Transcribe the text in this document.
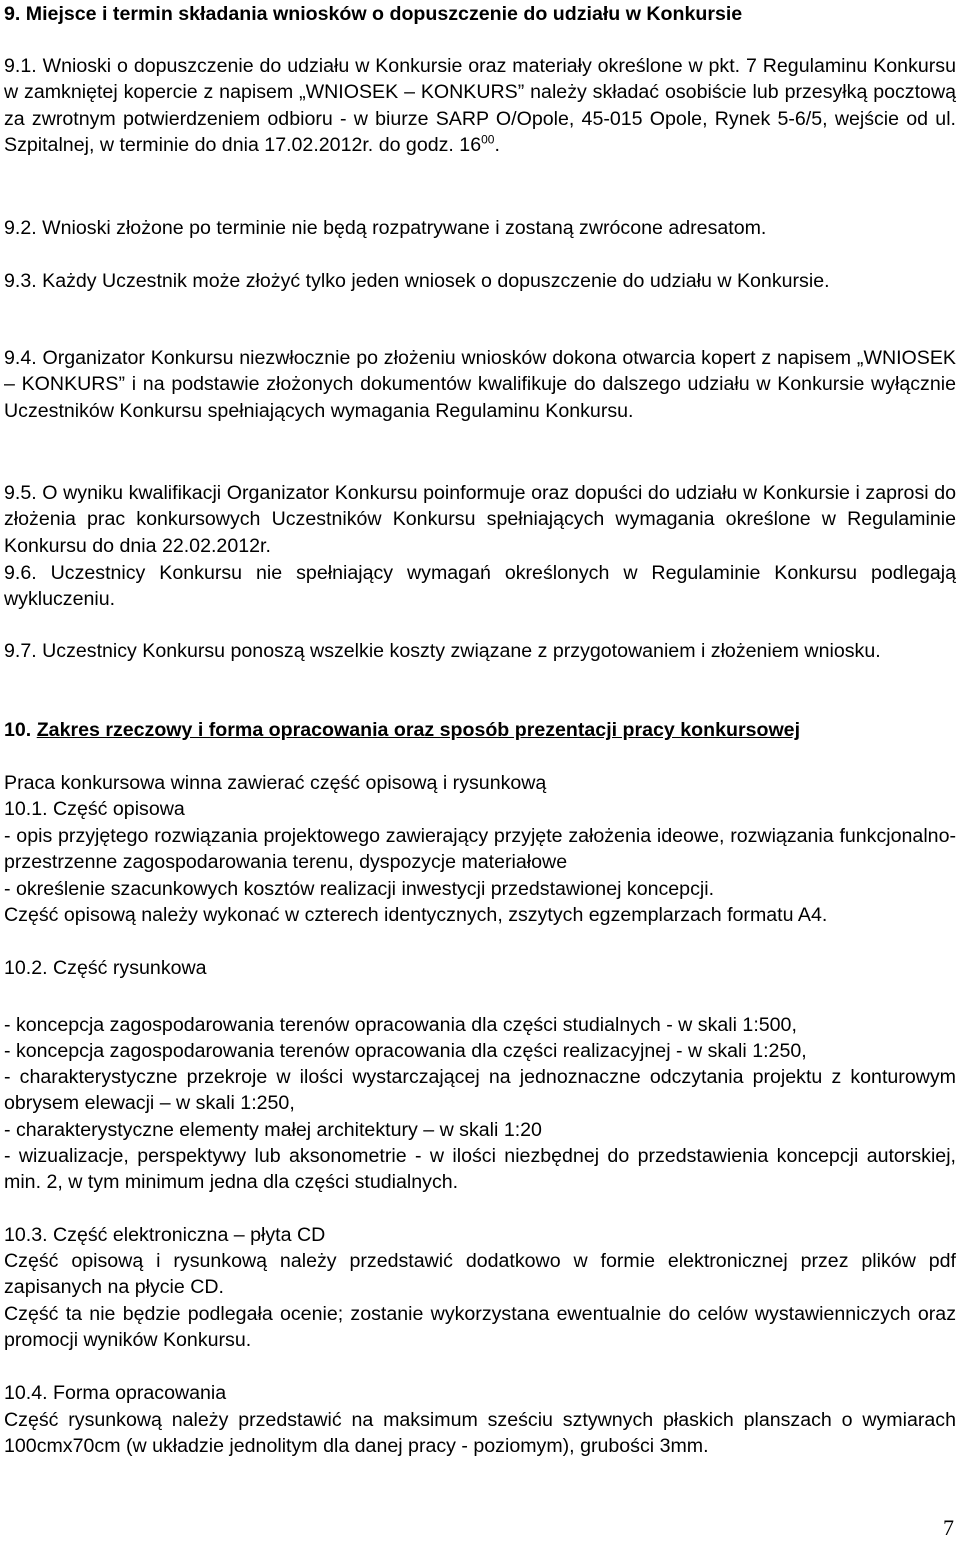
9. Miejsce i termin składania wniosków o dopuszczenie do udziału w Konkursie

9.1. Wnioski o dopuszczenie do udziału w Konkursie oraz materiały określone w pkt. 7 Regulaminu Konkursu w zamkniętej kopercie z napisem „WNIOSEK – KONKURS” należy składać osobiście lub przesyłką pocztową za zwrotnym potwierdzeniem odbioru - w biurze SARP O/Opole, 45-015 Opole, Rynek 5-6/5, wejście od ul. Szpitalnej, w terminie do dnia 17.02.2012r. do godz. $16^{00}$.

9.2. Wnioski złożone po terminie nie będą rozpatrywane i zostaną zwrócone adresatom.

9.3. Każdy Uczestnik może złożyć tylko jeden wniosek o dopuszczenie do udziału w Konkursie.

9.4. Organizator Konkursu niezwłocznie po złożeniu wniosków dokona otwarcia kopert z napisem „WNIOSEK – KONKURS” i na podstawie złożonych dokumentów kwalifikuje do dalszego udziału w Konkursie wyłącznie Uczestników Konkursu spełniających wymagania Regulaminu Konkursu.

9.5. O wyniku kwalifikacji Organizator Konkursu poinformuje oraz dopuści do udziału w Konkursie i zaprosi do złożenia prac konkursowych Uczestników Konkursu spełniających wymagania określone w Regulaminie Konkursu do dnia 22.02.2012r.

9.6. Uczestnicy Konkursu nie spełniający wymagań określonych w Regulaminie Konkursu podlegają wykluczeniu.

9.7. Uczestnicy Konkursu ponoszą wszelkie koszty związane z przygotowaniem i złożeniem wniosku.

10. Zakres rzeczowy i forma opracowania oraz sposób prezentacji pracy konkursowej

Praca konkursowa winna zawierać część opisową i rysunkową

10.1. Część opisowa

- opis przyjętego rozwiązania projektowego zawierający przyjęte założenia ideowe, rozwiązania funkcjonalno-przestrzenne zagospodarowania terenu, dyspozycje materiałowe

- określenie szacunkowych kosztów realizacji inwestycji przedstawionej koncepcji.

Część opisową należy wykonać w czterech identycznych, zszytych egzemplarzach formatu A4.

10.2. Część rysunkowa

- koncepcja zagospodarowania terenów opracowania dla części studialnych - w skali 1:500,

- koncepcja zagospodarowania terenów opracowania dla części realizacyjnej - w skali 1:250,

- charakterystyczne przekroje w ilości wystarczającej na jednoznaczne odczytania projektu z konturowym obrysem elewacji – w skali 1:250,

- charakterystyczne elementy małej architektury – w skali 1:20

- wizualizacje, perspektywy lub aksonometrie - w ilości niezbędnej do przedstawienia koncepcji autorskiej, min. 2, w tym minimum jedna dla części studialnych.

10.3. Część elektroniczna – płyta CD

Część opisową i rysunkową należy przedstawić dodatkowo w formie elektronicznej przez plików pdf zapisanych na płycie CD.

Część ta nie będzie podlegała ocenie; zostanie wykorzystana ewentualnie do celów wystawienniczych oraz promocji wyników Konkursu.

10.4. Forma opracowania

Część rysunkową należy przedstawić na maksimum sześciu sztywnych płaskich planszach o wymiarach 100cmx70cm (w układzie jednolitym dla danej pracy - poziomym), grubości 3mm.

7
